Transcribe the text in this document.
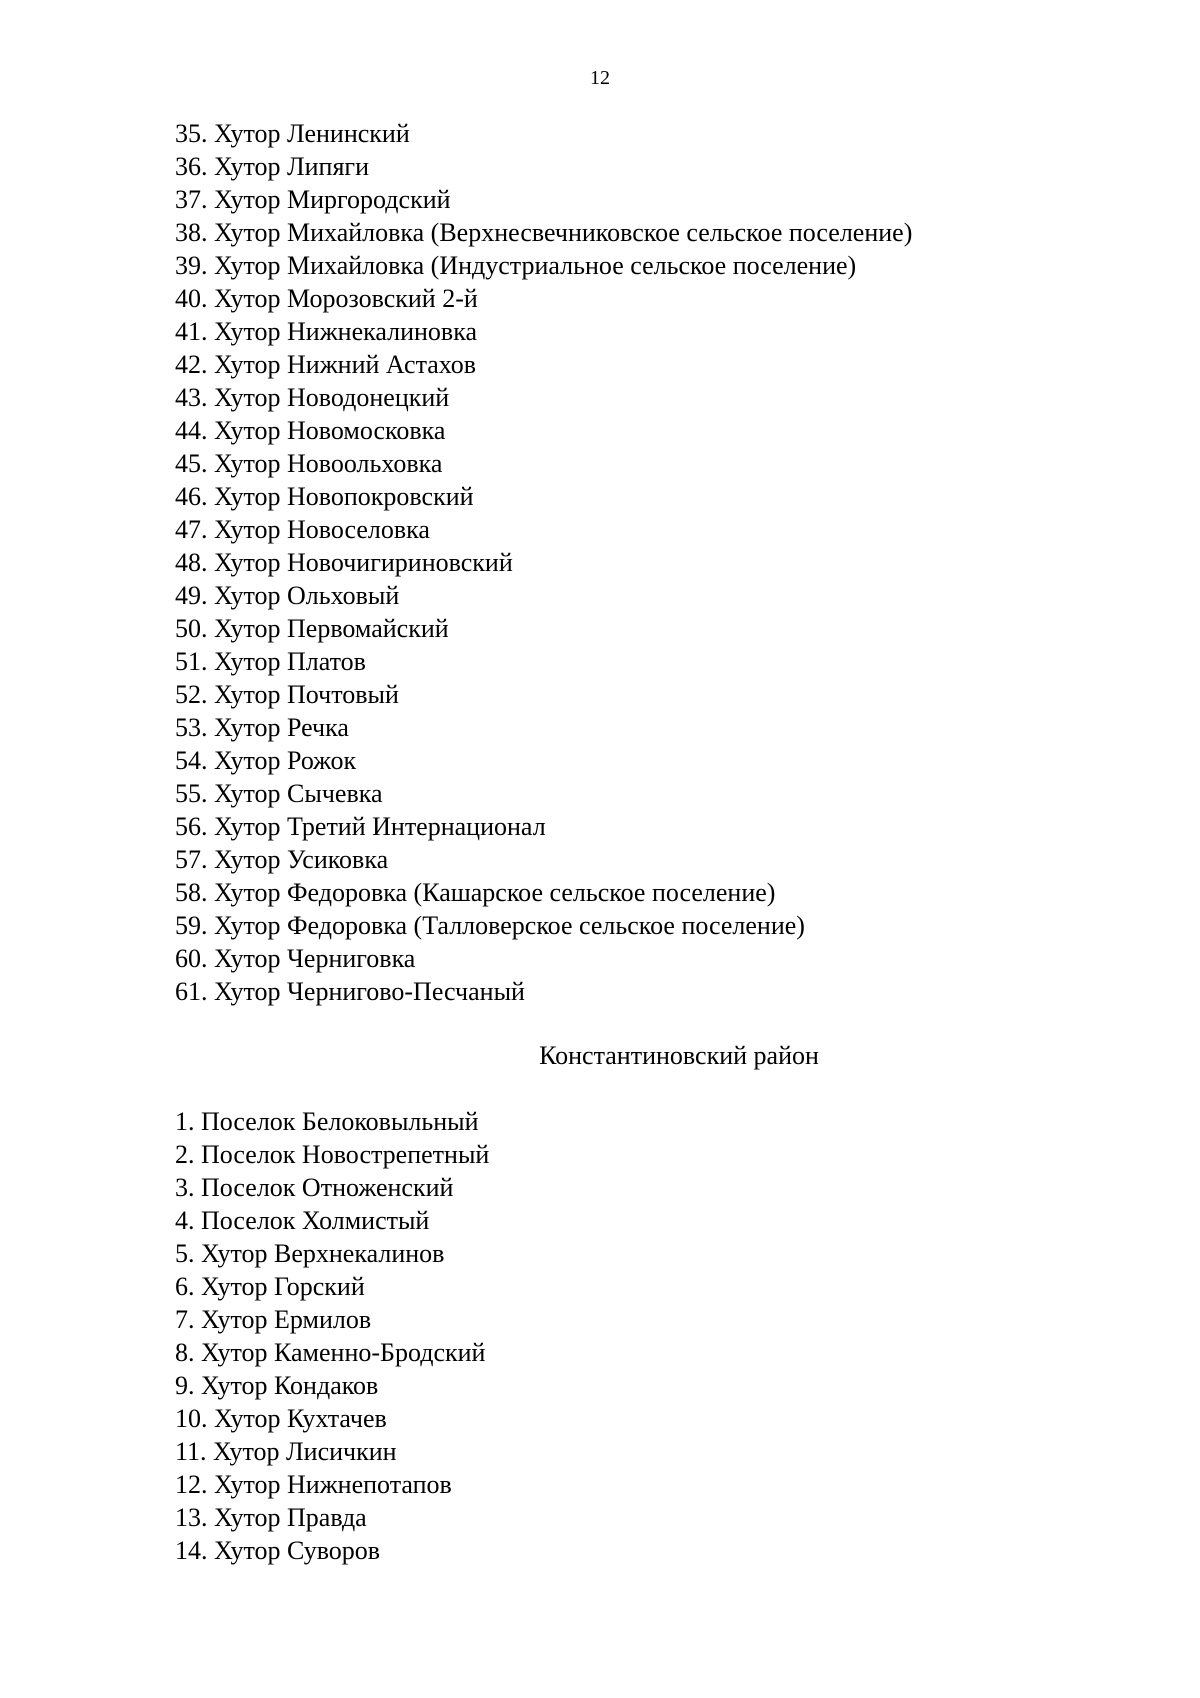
12
35. Хутор Ленинский
36. Хутор Липяги
37. Хутор Миргородский
38. Хутор Михайловка (Верхнесвечниковское сельское поселение)
39. Хутор Михайловка (Индустриальное сельское поселение)
40. Хутор Морозовский 2-й
41. Хутор Нижнекалиновка
42. Хутор Нижний Астахов
43. Хутор Новодонецкий
44. Хутор Новомосковка
45. Хутор Новоольховка
46. Хутор Новопокровский
47. Хутор Новоселовка
48. Хутор Новочигириновский
49. Хутор Ольховый
50. Хутор Первомайский
51. Хутор Платов
52. Хутор Почтовый
53. Хутор Речка
54. Хутор Рожок
55. Хутор Сычевка
56. Хутор Третий Интернационал
57. Хутор Усиковка
58. Хутор Федоровка (Кашарское сельское поселение)
59. Хутор Федоровка (Талловерское сельское поселение)
60. Хутор Черниговка
61. Хутор Чернигово-Песчаный
Константиновский район
1. Поселок Белоковыльный
2. Поселок Новострепетный
3. Поселок Отноженский
4. Поселок Холмистый
5. Хутор Верхнекалинов
6. Хутор Горский
7. Хутор Ермилов
8. Хутор Каменно-Бродский
9. Хутор Кондаков
10. Хутор Кухтачев
11. Хутор Лисичкин
12. Хутор Нижнепотапов
13. Хутор Правда
14. Хутор Суворов
